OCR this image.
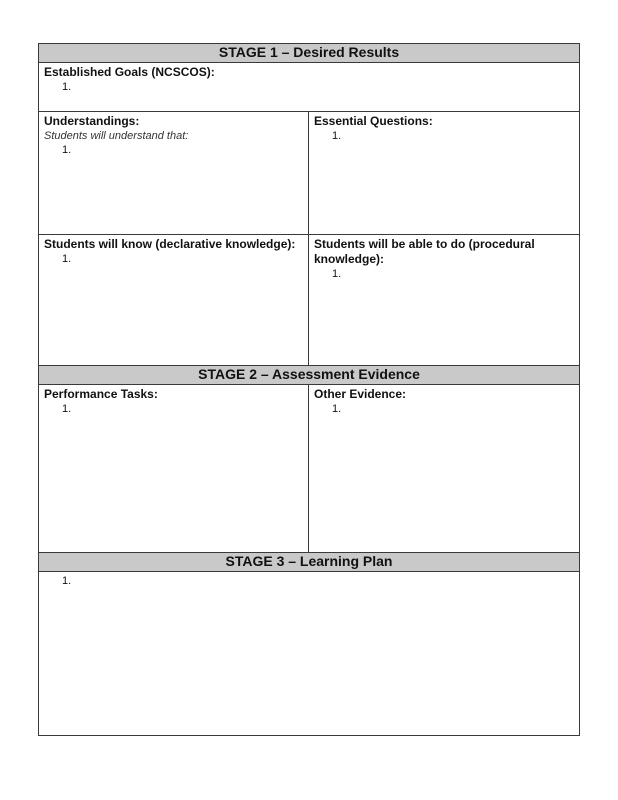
STAGE 1 – Desired Results
Established Goals (NCSCOS):
1.
Understandings:
Students will understand that:
1.
Essential Questions:
1.
Students will know (declarative knowledge):
1.
Students will be able to do (procedural knowledge):
1.
STAGE 2 – Assessment Evidence
Performance Tasks:
1.
Other Evidence:
1.
STAGE 3 – Learning Plan
1.
